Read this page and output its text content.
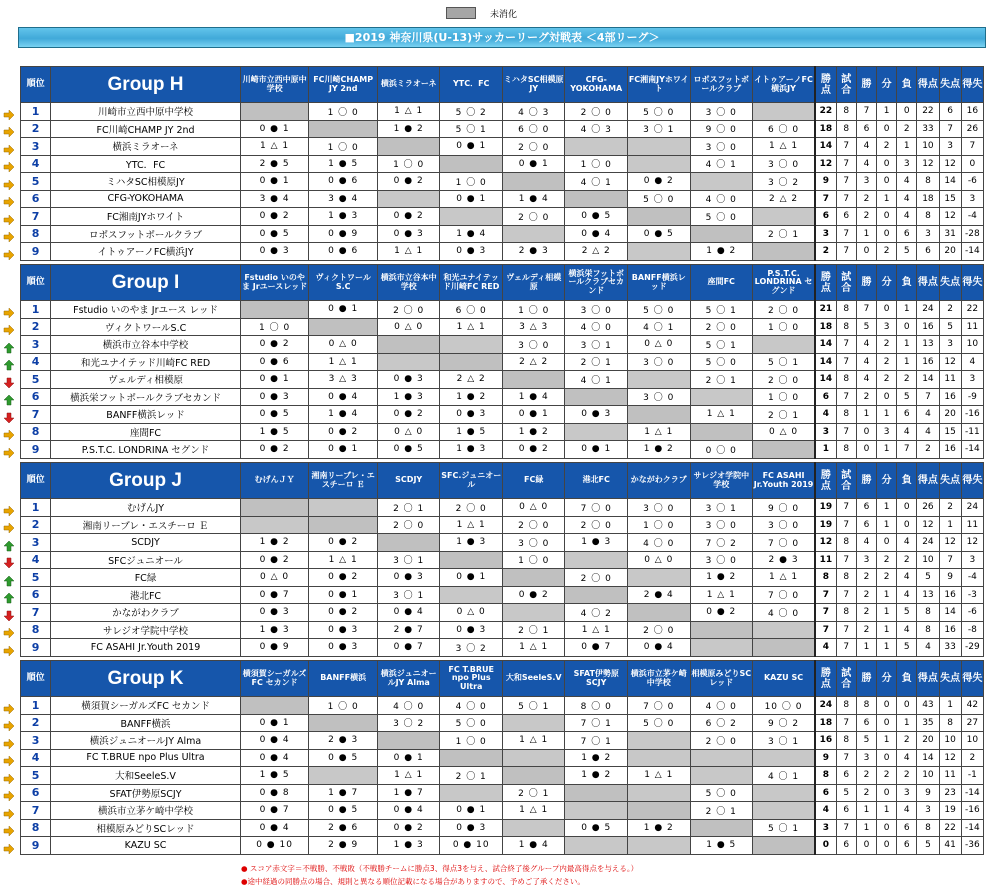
未消化
■2019 神奈川県(U-13)サッカーリーグ対戦表 ＜4部リーグ＞
順位	Group H	川崎市立西中原中学校	FC川崎CHAMP JY 2nd	横浜ミラオーネ	YTC．FC	ミハタSC相模原JY	CFG-YOKOHAMA	FC湘南JYホワイト	ロボスフットボールクラブ	イトゥアーノFC横浜JY	勝点	試合	勝	分	負	得点	失点	得失
1	川崎市立西中原中学校		1 〇 0	1 △ 1	5 〇 2	4 〇 3	2 〇 0	5 〇 0	3 〇 0		22	8	7	1	0	22	6	16
2	FC川崎CHAMP JY 2nd	0 ● 1		1 ● 2	5 〇 1	6 〇 0	4 〇 3	3 〇 1	9 〇 0	6 〇 0	18	8	6	0	2	33	7	26
3	横浜ミラオーネ	1 △ 1	1 〇 0		0 ● 1	2 〇 0			3 〇 0	1 △ 1	14	7	4	2	1	10	3	7
4	YTC．FC	2 ● 5	1 ● 5	1 〇 0		0 ● 1	1 〇 0		4 〇 1	3 〇 0	12	7	4	0	3	12	12	0
5	ミハタSC相模原JY	0 ● 1	0 ● 6	0 ● 2	1 〇 0		4 〇 1	0 ● 2		3 〇 2	9	7	3	0	4	8	14	-6
6	CFG-YOKOHAMA	3 ● 4	3 ● 4		0 ● 1	1 ● 4		5 〇 0	4 〇 0	2 △ 2	7	7	2	1	4	18	15	3
7	FC湘南JYホワイト	0 ● 2	1 ● 3	0 ● 2		2 〇 0	0 ● 5		5 〇 0		6	6	2	0	4	8	12	-4
8	ロボスフットボールクラブ	0 ● 5	0 ● 9	0 ● 3	1 ● 4		0 ● 4	0 ● 5		2 〇 1	3	7	1	0	6	3	31	-28
9	イトゥアーノFC横浜JY	0 ● 3	0 ● 6	1 △ 1	0 ● 3	2 ● 3	2 △ 2		1 ● 2		2	7	0	2	5	6	20	-14
順位	Group I	Fstudio いのやま Jrユースレッド	ヴィクトワールS.C	横浜市立谷本中学校	和光ユナイテッド川崎FC RED	ヴェルディ相模原	横浜栄フットボールクラブセカンド	BANFF横浜レッド	座間FC	P.S.T.C. LONDRINA セグンド	勝点	試合	勝	分	負	得点	失点	得失
1	Fstudio いのやま Jrユース レッド		0 ● 1	2 〇 0	6 〇 0	1 〇 0	3 〇 0	5 〇 0	5 〇 1	2 〇 0	21	8	7	0	1	24	2	22
2	ヴィクトワールS.C	1 〇 0		0 △ 0	1 △ 1	3 △ 3	4 〇 0	4 〇 1	2 〇 0	1 〇 0	18	8	5	3	0	16	5	11
3	横浜市立谷本中学校	0 ● 2	0 △ 0			3 〇 0	3 〇 1	0 △ 0	5 〇 1		14	7	4	2	1	13	3	10
4	和光ユナイテッド川崎FC RED	0 ● 6	1 △ 1			2 △ 2	2 〇 1	3 〇 0	5 〇 0	5 〇 1	14	7	4	2	1	16	12	4
5	ヴェルディ相模原	0 ● 1	3 △ 3	0 ● 3	2 △ 2		4 〇 1		2 〇 1	2 〇 0	14	8	4	2	2	14	11	3
6	横浜栄フットボールクラブセカンド	0 ● 3	0 ● 4	1 ● 3	1 ● 2	1 ● 4		3 〇 0		1 〇 0	6	7	2	0	5	7	16	-9
7	BANFF横浜レッド	0 ● 5	1 ● 4	0 ● 2	0 ● 3	0 ● 1	0 ● 3		1 △ 1	2 〇 1	4	8	1	1	6	4	20	-16
8	座間FC	1 ● 5	0 ● 2	0 △ 0	1 ● 5	1 ● 2		1 △ 1		0 △ 0	3	7	0	3	4	4	15	-11
9	P.S.T.C. LONDRINA セグンド	0 ● 2	0 ● 1	0 ● 5	1 ● 3	0 ● 2	0 ● 1	1 ● 2	0 〇 0		1	8	0	1	7	2	16	-14
順位	Group J	むげんＪＹ	湘南リーブレ・エスチーロ Ｅ	SCDJY	SFC.ジュニオール	FC緑	港北FC	かながわクラブ	サレジオ学院中学校	FC ASAHI Jr.Youth 2019	勝点	試合	勝	分	負	得点	失点	得失
1	むげんJY			2 〇 1	2 〇 0	0 △ 0	7 〇 0	3 〇 0	3 〇 1	9 〇 0	19	7	6	1	0	26	2	24
2	湘南リーブレ・エスチーロ Ｅ			2 〇 0	1 △ 1	2 〇 0	2 〇 0	1 〇 0	3 〇 0	3 〇 0	19	7	6	1	0	12	1	11
3	SCDJY	1 ● 2	0 ● 2		1 ● 3	3 〇 0	1 ● 3	4 〇 0	7 〇 2	7 〇 0	12	8	4	0	4	24	12	12
4	SFCジュニオール	0 ● 2	1 △ 1	3 〇 1		1 〇 0		0 △ 0	3 〇 0	2 ● 3	11	7	3	2	2	10	7	3
5	FC緑	0 △ 0	0 ● 2	0 ● 3	0 ● 1		2 〇 0		1 ● 2	1 △ 1	8	8	2	2	4	5	9	-4
6	港北FC	0 ● 7	0 ● 1	3 〇 1		0 ● 2		2 ● 4	1 △ 1	7 〇 0	7	7	2	1	4	13	16	-3
7	かながわクラブ	0 ● 3	0 ● 2	0 ● 4	0 △ 0		4 〇 2		0 ● 2	4 〇 0	7	8	2	1	5	8	14	-6
8	サレジオ学院中学校	1 ● 3	0 ● 3	2 ● 7	0 ● 3	2 〇 1	1 △ 1	2 〇 0			7	7	2	1	4	8	16	-8
9	FC ASAHI Jr.Youth 2019	0 ● 9	0 ● 3	0 ● 7	3 〇 2	1 △ 1	0 ● 7	0 ● 4			4	7	1	1	5	4	33	-29
順位	Group K	横須賀シーガルズFC セカンド	BANFF横浜	横浜ジュニオールJY Alma	FC T.BRUE npo Plus Ultra	大和SeeleS.V	SFAT伊勢原SCJY	横浜市立茅ケ崎中学校	相模原みどりSCレッド	KAZU SC	勝点	試合	勝	分	負	得点	失点	得失
1	横須賀シーガルズFC セカンド		1 〇 0	4 〇 0	4 〇 0	5 〇 1	8 〇 0	7 〇 0	4 〇 0	10 〇 0	24	8	8	0	0	43	1	42
2	BANFF横浜	0 ● 1		3 〇 2	5 〇 0		7 〇 1	5 〇 0	6 〇 2	9 〇 2	18	7	6	0	1	35	8	27
3	横浜ジュニオールJY Alma	0 ● 4	2 ● 3		1 〇 0	1 △ 1	7 〇 1		2 〇 0	3 〇 1	16	8	5	1	2	20	10	10
4	FC T.BRUE npo Plus Ultra	0 ● 4	0 ● 5	0 ● 1			1 ● 2				9	7	3	0	4	14	12	2
5	大和SeeleS.V	1 ● 5		1 △ 1	2 〇 1		1 ● 2	1 △ 1		4 〇 1	8	6	2	2	2	10	11	-1
6	SFAT伊勢原SCJY	0 ● 8	1 ● 7	1 ● 7		2 〇 1			5 〇 0		6	5	2	0	3	9	23	-14
7	横浜市立茅ケ崎中学校	0 ● 7	0 ● 5	0 ● 4	0 ● 1	1 △ 1			2 〇 1		4	6	1	1	4	3	19	-16
8	相模原みどりSCレッド	0 ● 4	2 ● 6	0 ● 2	0 ● 3		0 ● 5	1 ● 2		5 〇 1	3	7	1	0	6	8	22	-14
9	KAZU SC	0 ● 10	2 ● 9	1 ● 3	0 ● 10	1 ● 4			1 ● 5		0	6	0	0	6	5	41	-36
● スコア赤文字＝不戦勝、不戦敗（不戦勝チームに勝点3、得点3を与え、試合終了後グループ内最高得点を与える。）
●途中経過の同勝点の場合、規則と異なる順位記載になる場合がありますので、予めご了承ください。
